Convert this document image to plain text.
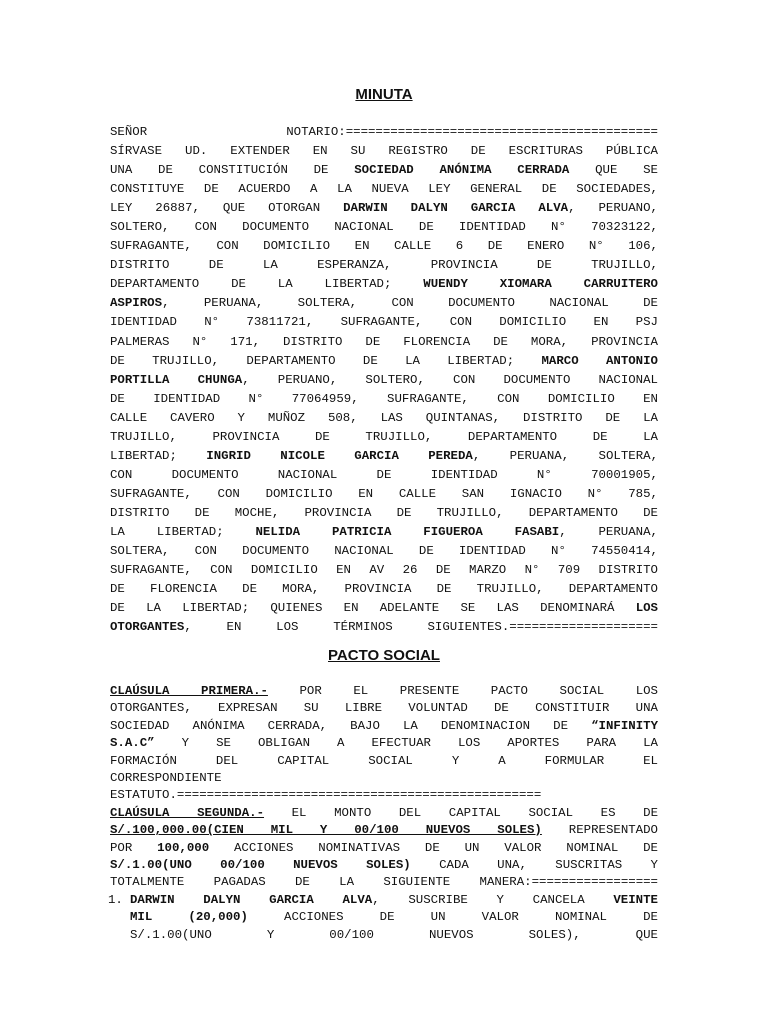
MINUTA
SEÑOR NOTARIO:==========================================
SÍRVASE UD. EXTENDER EN SU REGISTRO DE ESCRITURAS PÚBLICA
UNA DE CONSTITUCIÓN DE SOCIEDAD ANÓNIMA CERRADA QUE SE
CONSTITUYE DE ACUERDO A LA NUEVA LEY GENERAL DE SOCIEDADES,
LEY 26887, QUE OTORGAN DARWIN DALYN GARCIA ALVA, PERUANO,
SOLTERO, CON DOCUMENTO NACIONAL DE IDENTIDAD N° 70323122,
SUFRAGANTE, CON DOMICILIO EN CALLE 6 DE ENERO N° 106,
DISTRITO DE LA ESPERANZA, PROVINCIA DE TRUJILLO,
DEPARTAMENTO DE LA LIBERTAD; WUENDY XIOMARA CARRUITERO
ASPIROS, PERUANA, SOLTERA, CON DOCUMENTO NACIONAL DE
IDENTIDAD N° 73811721, SUFRAGANTE, CON DOMICILIO EN PSJ
PALMERAS N° 171, DISTRITO DE FLORENCIA DE MORA, PROVINCIA
DE TRUJILLO, DEPARTAMENTO DE LA LIBERTAD; MARCO ANTONIO
PORTILLA CHUNGA, PERUANO, SOLTERO, CON DOCUMENTO NACIONAL
DE IDENTIDAD N° 77064959, SUFRAGANTE, CON DOMICILIO EN
CALLE CAVERO Y MUÑOZ 508, LAS QUINTANAS, DISTRITO DE LA
TRUJILLO, PROVINCIA DE TRUJILLO, DEPARTAMENTO DE LA
LIBERTAD; INGRID NICOLE GARCIA PEREDA, PERUANA, SOLTERA,
CON DOCUMENTO NACIONAL DE IDENTIDAD N° 70001905,
SUFRAGANTE, CON DOMICILIO EN CALLE SAN IGNACIO N° 785,
DISTRITO DE MOCHE, PROVINCIA DE TRUJILLO, DEPARTAMENTO DE
LA LIBERTAD; NELIDA PATRICIA FIGUEROA FASABI, PERUANA,
SOLTERA, CON DOCUMENTO NACIONAL DE IDENTIDAD N° 74550414,
SUFRAGANTE, CON DOMICILIO EN AV 26 DE MARZO N° 709 DISTRITO
DE FLORENCIA DE MORA, PROVINCIA DE TRUJILLO, DEPARTAMENTO
DE LA LIBERTAD; QUIENES EN ADELANTE SE LAS DENOMINARÁ LOS
OTORGANTES, EN LOS TÉRMINOS SIGUIENTES.====================
PACTO SOCIAL
CLAÚSULA PRIMERA.- POR EL PRESENTE PACTO SOCIAL LOS
OTORGANTES, EXPRESAN SU LIBRE VOLUNTAD DE CONSTITUIR UNA
SOCIEDAD ANÓNIMA CERRADA, BAJO LA DENOMINACION DE “INFINITY
S.A.C” Y SE OBLIGAN A EFECTUAR LOS APORTES PARA LA
FORMACIÓN DEL CAPITAL SOCIAL Y A FORMULAR EL
CORRESPONDIENTE
ESTATUTO.=================================================
CLAÚSULA SEGUNDA.- EL MONTO DEL CAPITAL SOCIAL ES DE
S/.100,000.00(CIEN MIL Y 00/100 NUEVOS SOLES) REPRESENTADO
POR 100,000 ACCIONES NOMINATIVAS DE UN VALOR NOMINAL DE
S/.1.00(UNO 00/100 NUEVOS SOLES) CADA UNA, SUSCRITAS Y
TOTALMENTE PAGADAS DE LA SIGUIENTE MANERA:=================
1. DARWIN DALYN GARCIA ALVA, SUSCRIBE Y CANCELA VEINTE
MIL (20,000) ACCIONES DE UN VALOR NOMINAL DE
S/.1.00(UNO Y 00/100 NUEVOS SOLES), QUE
